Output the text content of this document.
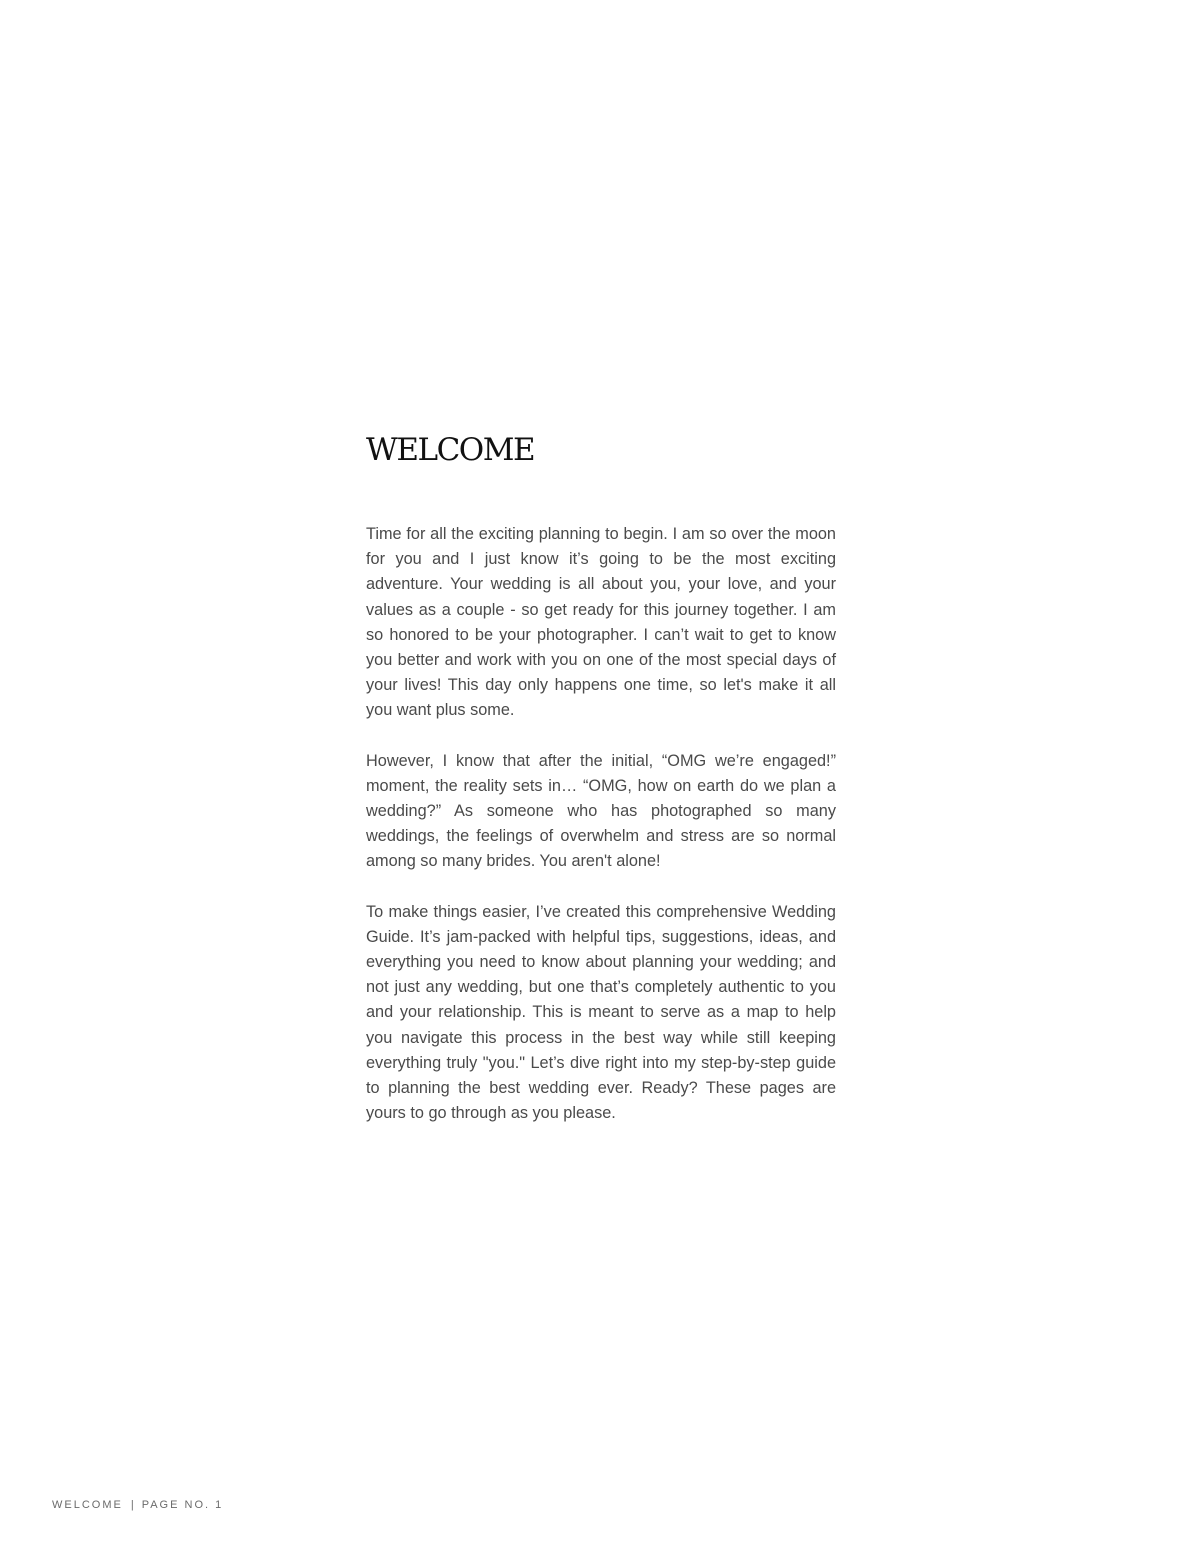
WELCOME

Time for all the exciting planning to begin. I am so over the moon for you and I just know it’s going to be the most exciting adventure. Your wedding is all about you, your love, and your values as a couple - so get ready for this journey together. I am so honored to be your photographer. I can’t wait to get to know you better and work with you on one of the most special days of your lives! This day only happens one time, so let's make it all you want plus some.

However, I know that after the initial, “OMG we’re engaged!” moment, the reality sets in… “OMG, how on earth do we plan a wedding?” As someone who has photographed so many weddings, the feelings of overwhelm and stress are so normal among so many brides. You aren't alone!

To make things easier, I’ve created this comprehensive Wedding Guide. It’s jam-packed with helpful tips, suggestions, ideas, and everything you need to know about planning your wedding; and not just any wedding, but one that’s completely authentic to you and your relationship. This is meant to serve as a map to help you navigate this process in the best way while still keeping everything truly "you." Let’s dive right into my step-by-step guide to planning the best wedding ever. Ready? These pages are yours to go through as you please.

WELCOME | PAGE NO. 1
